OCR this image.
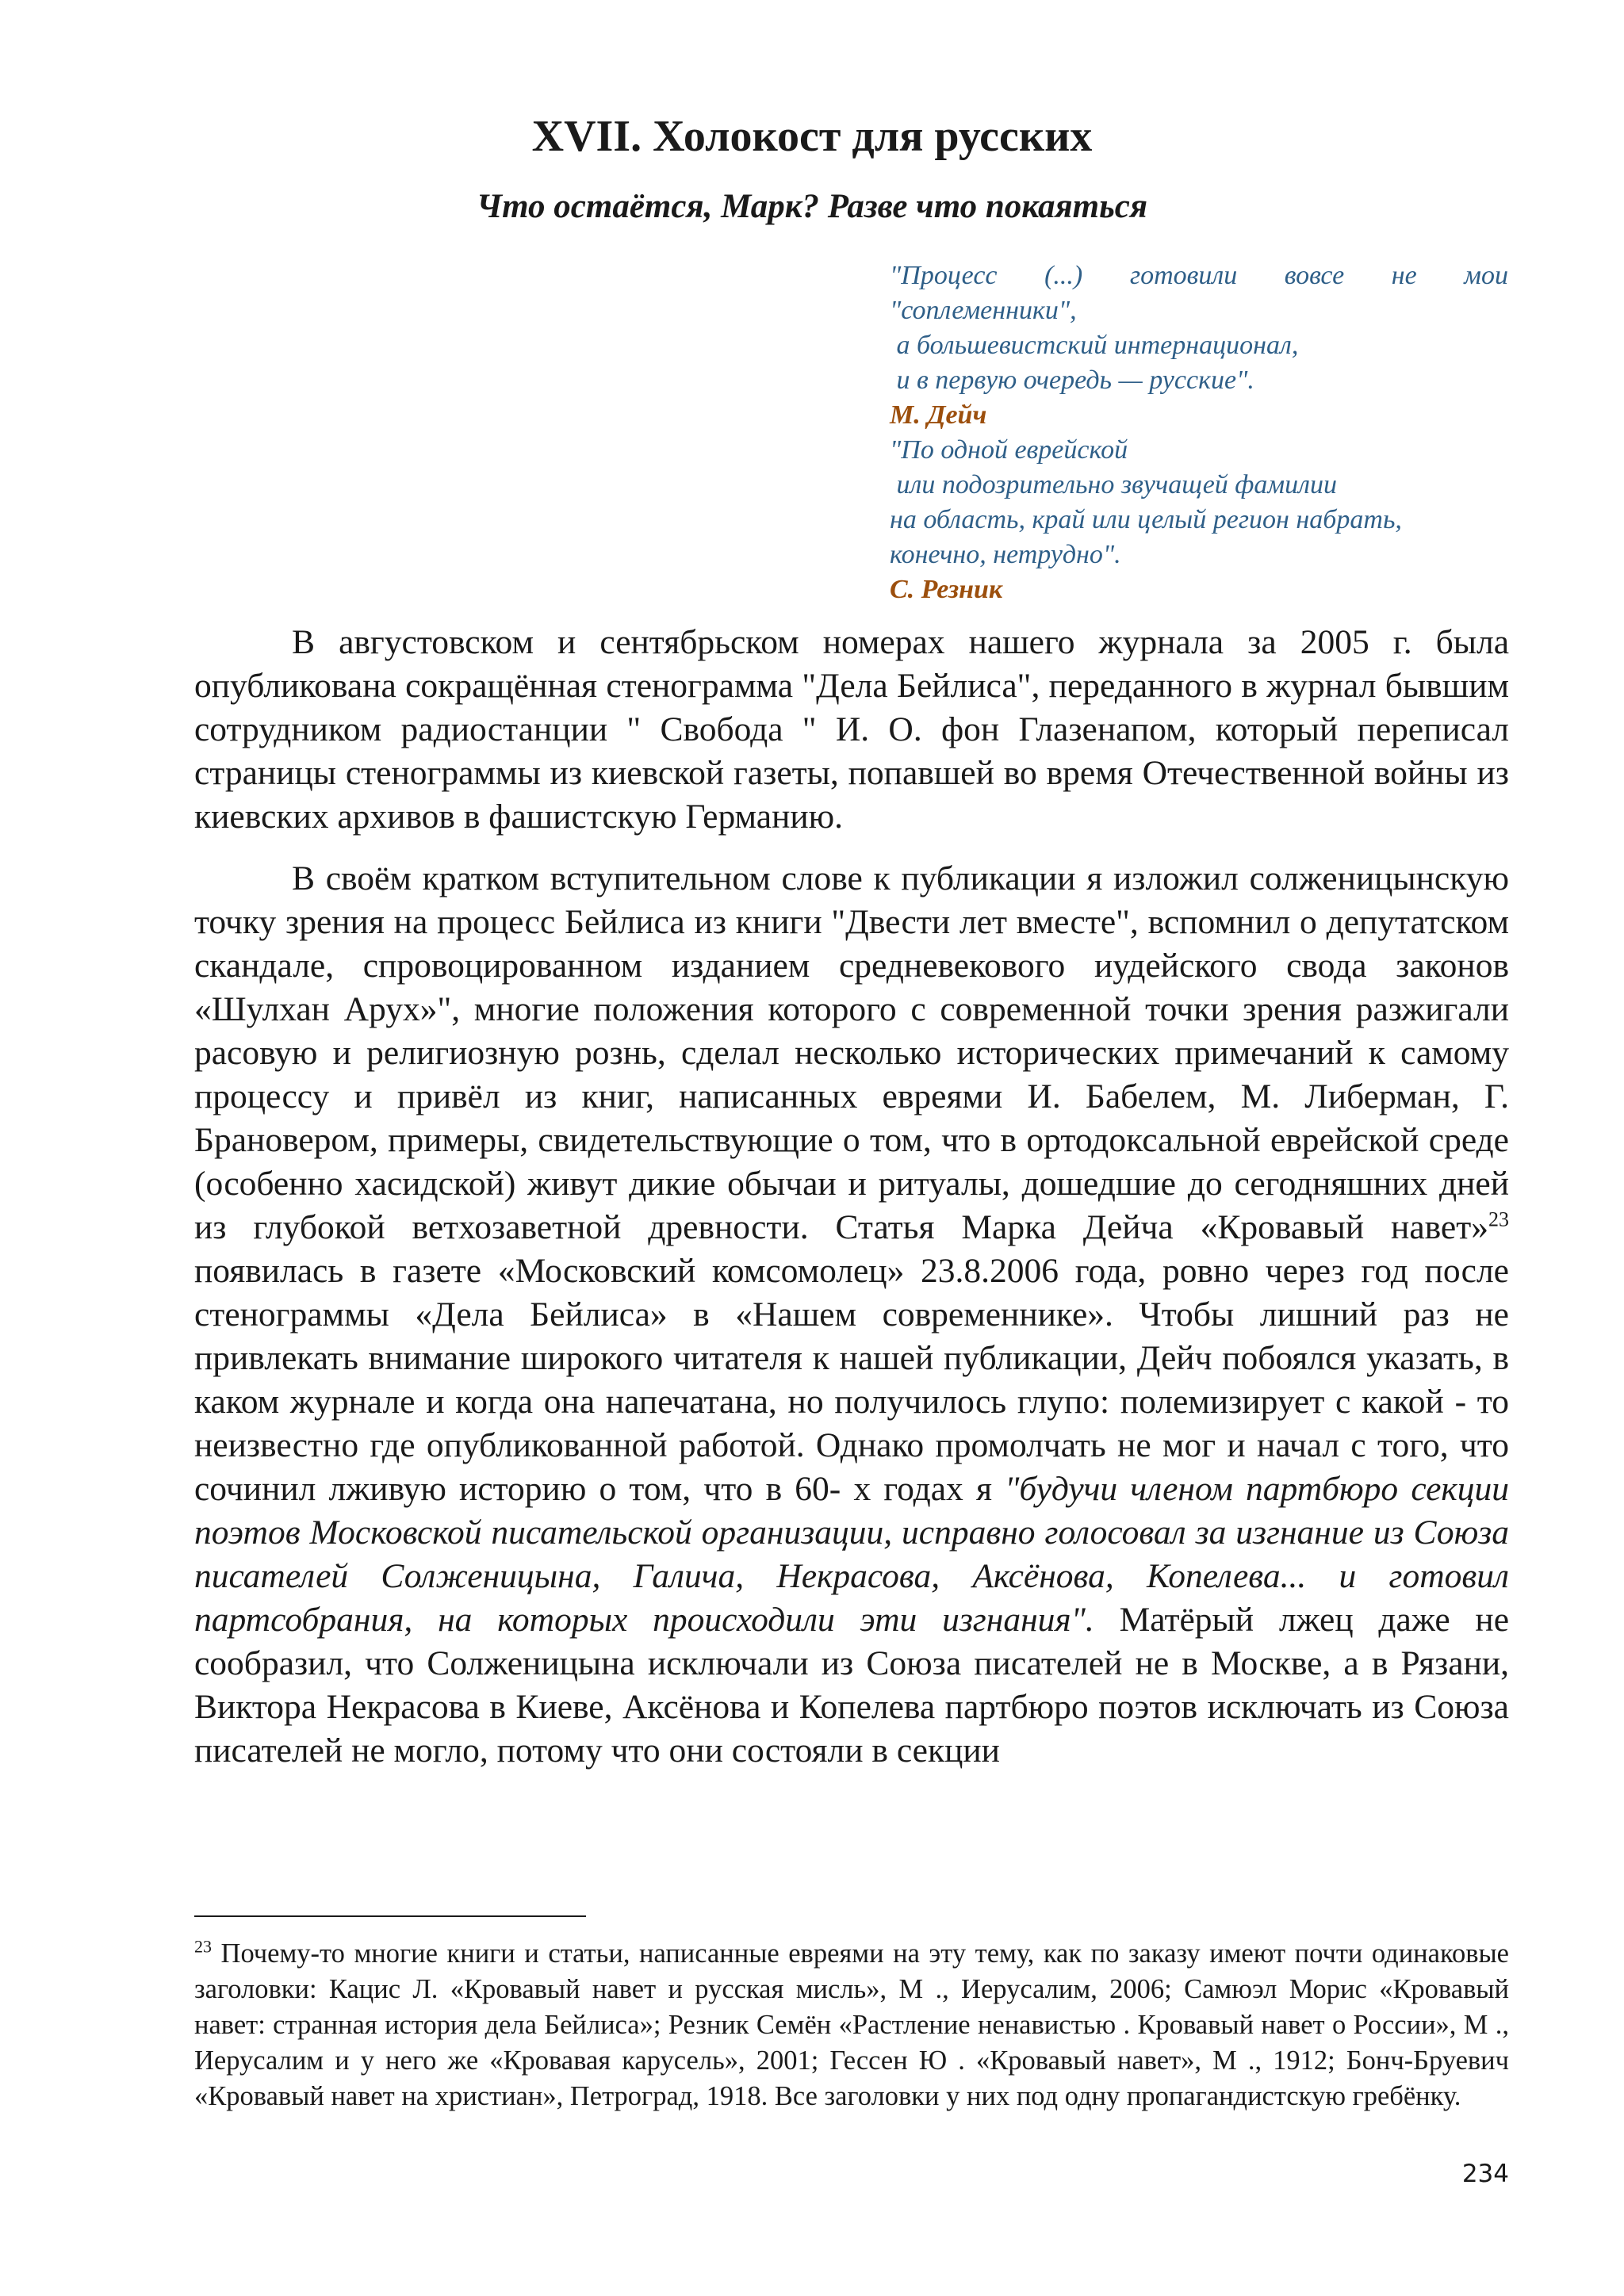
XVII. Холокост для русских
Что остаётся, Марк? Разве что покаяться
"Процесс (...) готовили вовсе не мои
"соплеменники",
а большевистский интернационал,
и в первую очередь — русские".
М. Дейч
"По одной еврейской
или подозрительно звучащей фамилии
на область, край или целый регион набрать,
конечно, нетрудно".
С. Резник

В августовском и сентябрьском номерах нашего журнала за 2005 г. была опубликована сокращённая стенограмма "Дела Бейлиса", переданного в журнал бывшим сотрудником радиостанции " Свобода " И. О. фон Глазенапом, который переписал страницы стенограммы из киевской газеты, попавшей во время Отечественной войны из киевских архивов в фашистскую Германию.

В своём кратком вступительном слове к публикации я изложил солженицынскую точку зрения на процесс Бейлиса из книги "Двести лет вместе", вспомнил о депутатском скандале, спровоцированном изданием средневекового иудейского свода законов «Шулхан Арух»", многие положения которого с современной точки зрения разжигали расовую и религиозную рознь, сделал несколько исторических примечаний к самому процессу и привёл из книг, написанных евреями И. Бабелем, М. Либерман, Г. Брановером, примеры, свидетельствующие о том, что в ортодоксальной еврейской среде (особенно хасидской) живут дикие обычаи и ритуалы, дошедшие до сегодняшних дней из глубокой ветхозаветной древности. Статья Марка Дейча «Кровавый навет»$^{23}$ появилась в газете «Московский комсомолец» 23.8.2006 года, ровно через год после стенограммы «Дела Бейлиса» в «Нашем современнике». Чтобы лишний раз не привлекать внимание широкого читателя к нашей публикации, Дейч побоялся указать, в каком журнале и когда она напечатана, но получилось глупо: полемизирует с какой - то неизвестно где опубликованной работой. Однако промолчать не мог и начал с того, что сочинил лживую историю о том, что в 60- х годах я "будучи членом партбюро секции поэтов Московской писательской организации, исправно голосовал за изгнание из Союза писателей Солженицына, Галича, Некрасова, Аксёнова, Копелева... и готовил партсобрания, на которых происходили эти изгнания". Матёрый лжец даже не сообразил, что Солженицына исключали из Союза писателей не в Москве, а в Рязани, Виктора Некрасова в Киеве, Аксёнова и Копелева партбюро поэтов исключать из Союза писателей не могло, потому что они состояли в секции

$^{23}$ Почему-то многие книги и статьи, написанные евреями на эту тему, как по заказу имеют почти одинаковые заголовки: Кацис Л. «Кровавый навет и русская мисль», М ., Иерусалим, 2006; Самюэл Морис «Кровавый навет: странная история дела Бейлиса»; Резник Семён «Растление ненавистью . Кровавый навет о России», М ., Иерусалим и у него же «Кровавая карусель», 2001; Гессен Ю . «Кровавый навет», М ., 1912; Бонч-Бруевич «Кровавый навет на христиан», Петроград, 1918. Все заголовки у них под одну пропагандистскую гребёнку.
234
